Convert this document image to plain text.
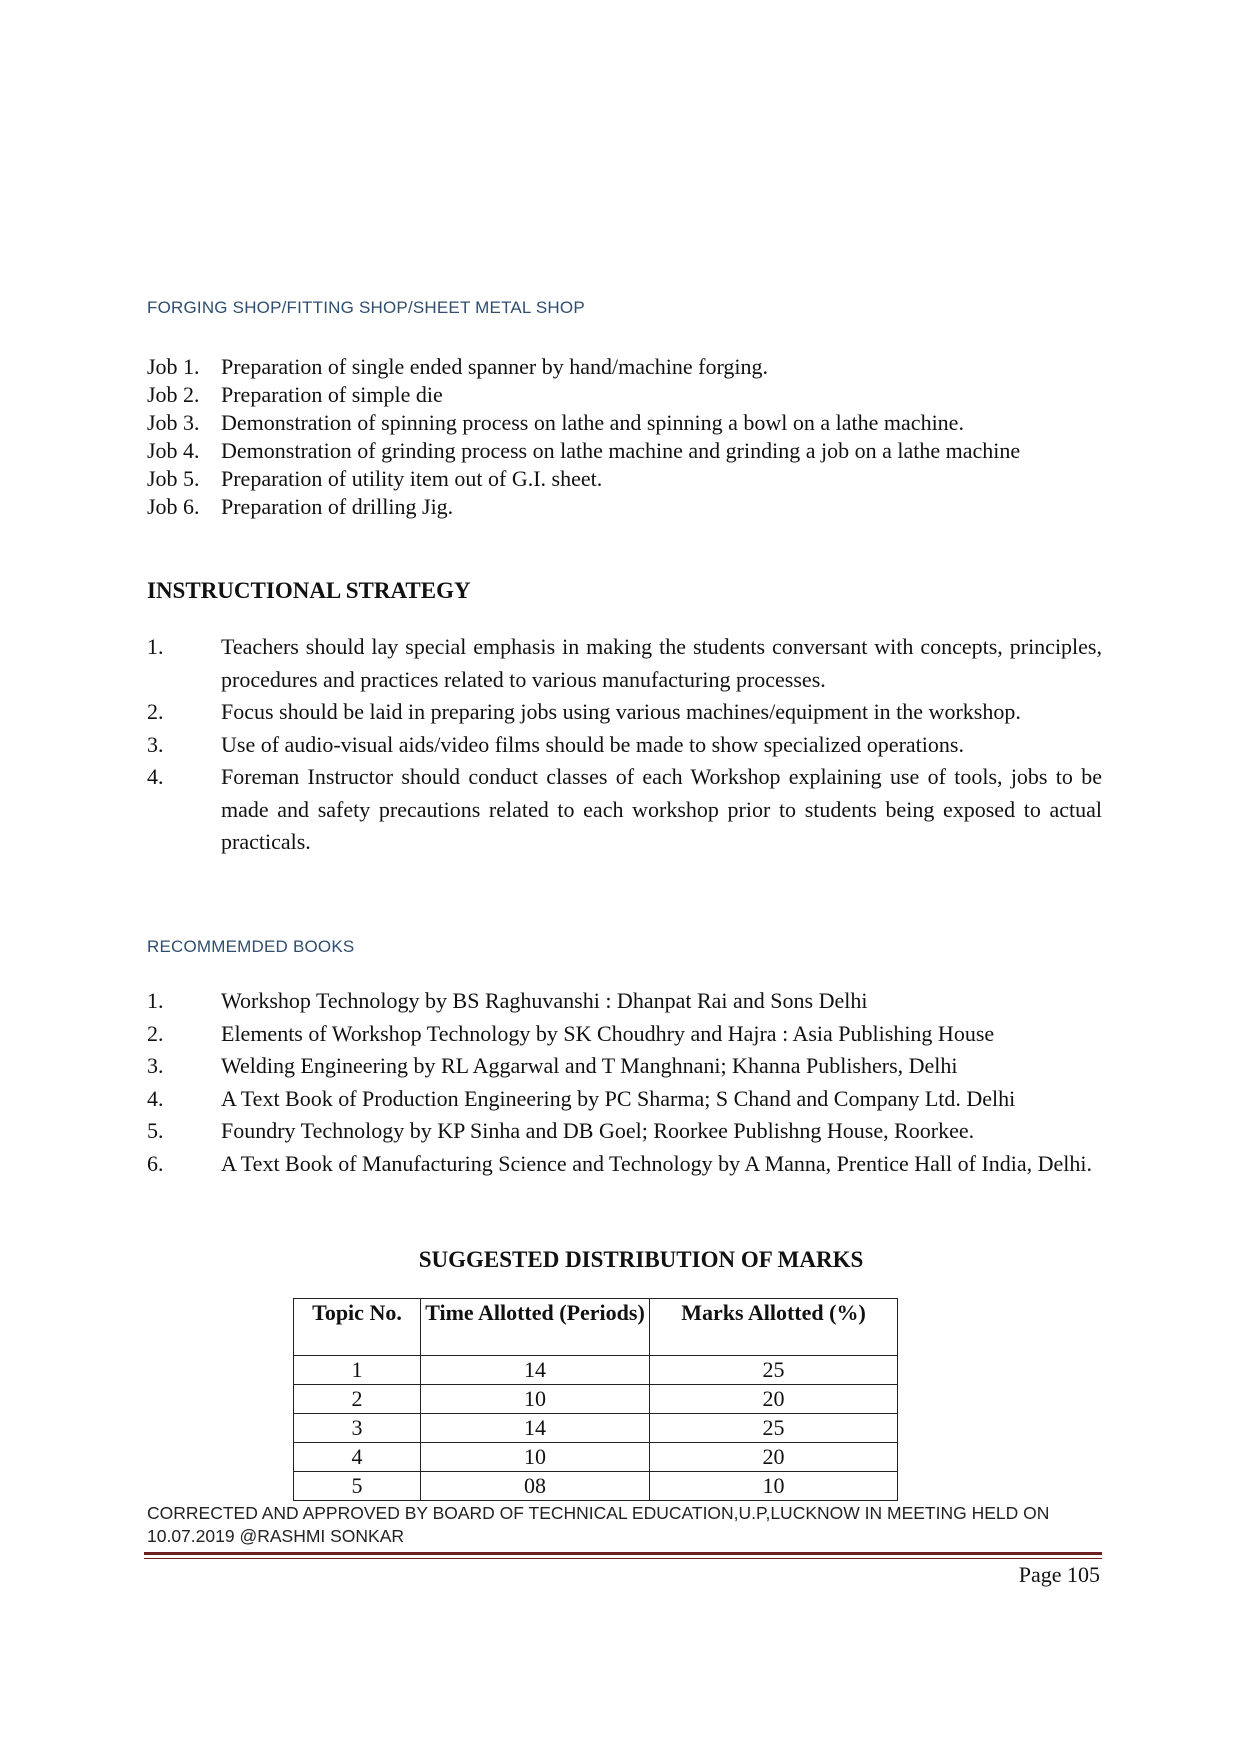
FORGING SHOP/FITTING SHOP/SHEET METAL SHOP

Job 1. Preparation of single ended spanner by hand/machine forging.
Job 2. Preparation of simple die
Job 3. Demonstration of spinning process on lathe and spinning a bowl on a lathe machine.
Job 4. Demonstration of grinding process on lathe machine and grinding a job on a lathe machine
Job 5. Preparation of utility item out of G.I. sheet.
Job 6. Preparation of drilling Jig.
INSTRUCTIONAL STRATEGY
1.	Teachers should lay special emphasis in making the students conversant with concepts, principles, procedures and practices related to various manufacturing processes.
2.	Focus should be laid in preparing jobs using various machines/equipment in the workshop.
3.	Use of audio-visual aids/video films should be made to show specialized operations.
4.	Foreman Instructor should conduct classes of each Workshop explaining use of tools, jobs to be made and safety precautions related to each workshop prior to students being exposed to actual practicals.

RECOMMEMDED BOOKS

1.	Workshop Technology by BS Raghuvanshi : Dhanpat Rai and Sons Delhi
2.	Elements of Workshop Technology by SK Choudhry and Hajra : Asia Publishing House
3.	Welding Engineering by RL Aggarwal and T Manghnani; Khanna Publishers, Delhi
4.	A Text Book of Production Engineering by PC Sharma; S Chand and Company Ltd. Delhi
5.	Foundry Technology by KP Sinha and DB Goel; Roorkee Publishng House, Roorkee.
6.	A Text Book of Manufacturing Science and Technology by A Manna, Prentice Hall of India, Delhi.
SUGGESTED DISTRIBUTION OF MARKS
Topic No.	Time Allotted (Periods)	Marks Allotted (%)
1	14	25
2	10	20
3	14	25
4	10	20
5	08	10
CORRECTED AND APPROVED BY BOARD OF TECHNICAL EDUCATION,U.P,LUCKNOW IN MEETING HELD ON 10.07.2019 @RASHMI SONKAR
Page 105
